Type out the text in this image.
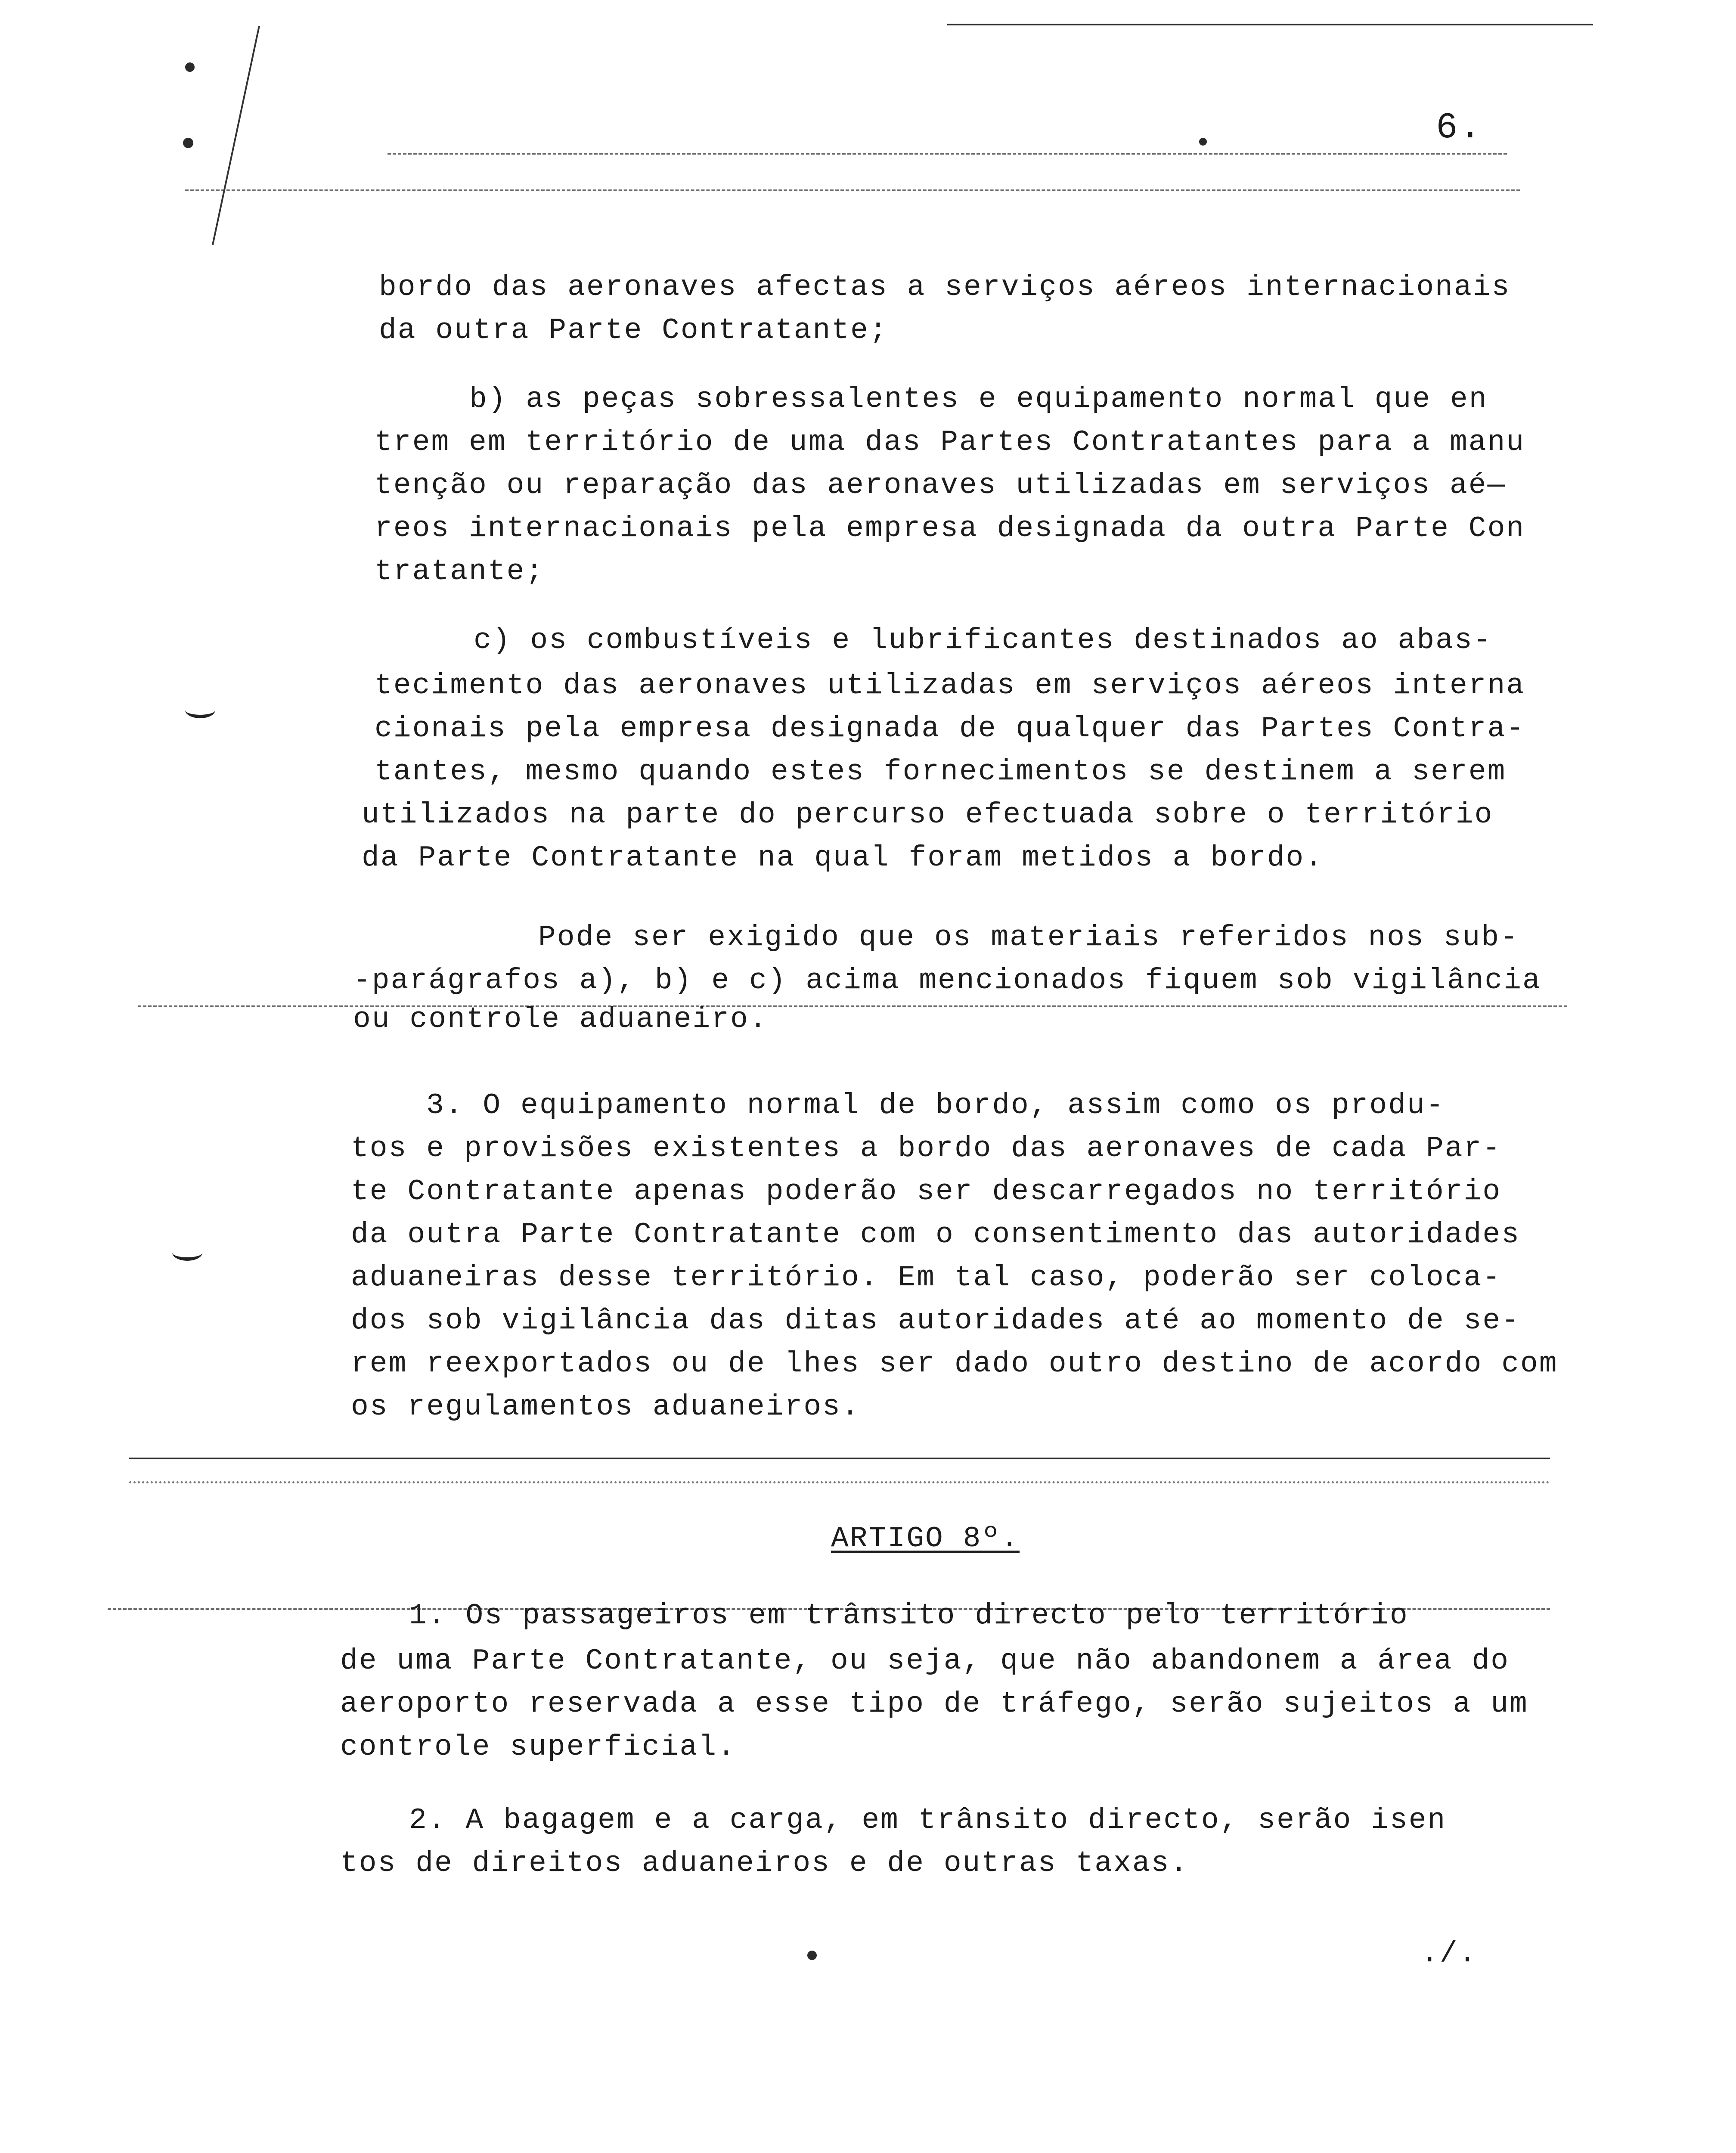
6.
bordo das aeronaves afectas a serviços aéreos internacionais
da outra Parte Contratante;
b) as peças sobressalentes e equipamento normal que en
trem em território de uma das Partes Contratantes para a manu
tenção ou reparação das aeronaves utilizadas em serviços aé—
reos internacionais pela empresa designada da outra Parte Con
tratante;
c) os combustíveis e lubrificantes destinados ao abas-
tecimento das aeronaves utilizadas em serviços aéreos interna
cionais pela empresa designada de qualquer das Partes Contra-
tantes, mesmo quando estes fornecimentos se destinem a serem
utilizados na parte do percurso efectuada sobre o território
da Parte Contratante na qual foram metidos a bordo.
Pode ser exigido que os materiais referidos nos sub-
-parágrafos a), b) e c) acima mencionados fiquem sob vigilância
ou controle aduaneiro.
3. O equipamento normal de bordo, assim como os produ-
tos e provisões existentes a bordo das aeronaves de cada Par-
te Contratante apenas poderão ser descarregados no território
da outra Parte Contratante com o consentimento das autoridades
aduaneiras desse território. Em tal caso, poderão ser coloca-
dos sob vigilância das ditas autoridades até ao momento de se-
rem reexportados ou de lhes ser dado outro destino de acordo com
os regulamentos aduaneiros.
ARTIGO 8º.
1. Os passageiros em trânsito directo pelo território
de uma Parte Contratante, ou seja, que não abandonem a área do
aeroporto reservada a esse tipo de tráfego, serão sujeitos a um
controle superficial.
2. A bagagem e a carga, em trânsito directo, serão isen
tos de direitos aduaneiros e de outras taxas.
./.
